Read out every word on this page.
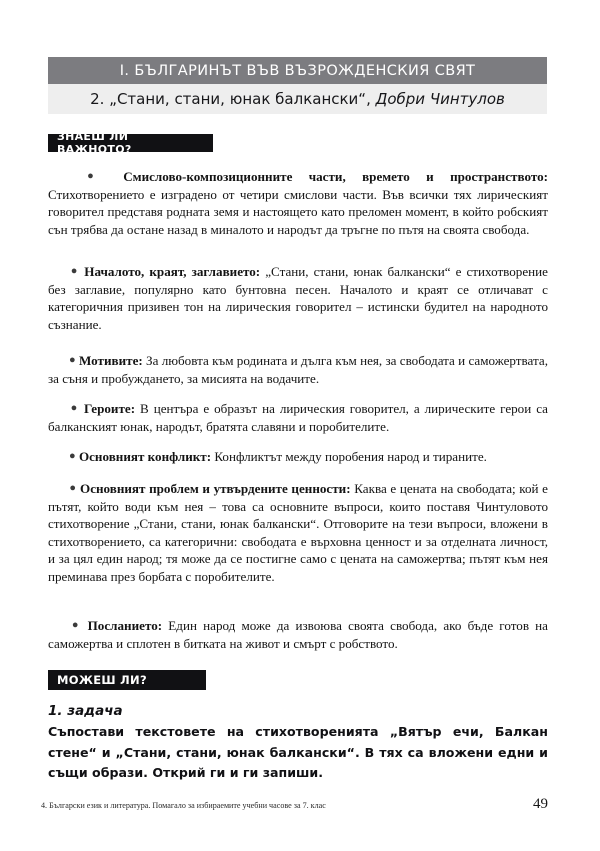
I. БЪЛГАРИНЪТ ВЪВ ВЪЗРОЖДЕНСКИЯ СВЯТ
2. „Стани, стани, юнак балкански“, Добри Чинтулов
ЗНАЕШ ЛИ ВАЖНОТО?
● Смислово-композиционните части, времето и пространството: Стихотворението е изградено от четири смислови части. Във всички тях лирическият говорител представя родната земя и настоящето като преломен момент, в който робският сън трябва да остане назад в миналото и народът да тръгне по пътя на своята свобода.
● Началото, краят, заглавието: „Стани, стани, юнак балкански“ е стихотворение без заглавие, популярно като бунтовна песен. Началото и краят се отличават с категоричния призивен тон на лирическия говорител – истински будител на народното съзнание.
● Мотивите: За любовта към родината и дълга към нея, за свободата и саможертвата, за съня и пробуждането, за мисията на водачите.
● Героите: В центъра е образът на лирическия говорител, а лирическите герои са балканският юнак, народът, братята славяни и поробителите.
● Основният конфликт: Конфликтът между поробения народ и тираните.
● Основният проблем и утвърдените ценности: Каква е цената на свободата; кой е пътят, който води към нея – това са основните въпроси, които поставя Чинтуловото стихотворение „Стани, стани, юнак балкански“. Отговорите на тези въпроси, вложени в стихотворението, са категорични: свободата е върховна ценност и за отделната личност, и за цял един народ; тя може да се постигне само с цената на саможертва; пътят към нея преминава през борбата с поробителите.
● Посланието: Един народ може да извоюва своята свобода, ако бъде готов на саможертва и сплотен в битката на живот и смърт с робството.
МОЖЕШ ЛИ?
1. задача
Съпостави текстовете на стихотворенията „Вятър ечи, Балкан стене“ и „Стани, стани, юнак балкански“. В тях са вложени едни и същи образи. Открий ги и ги запиши.
4. Български език и литература. Помагало за избираемите учебни часове за 7. клас	49
